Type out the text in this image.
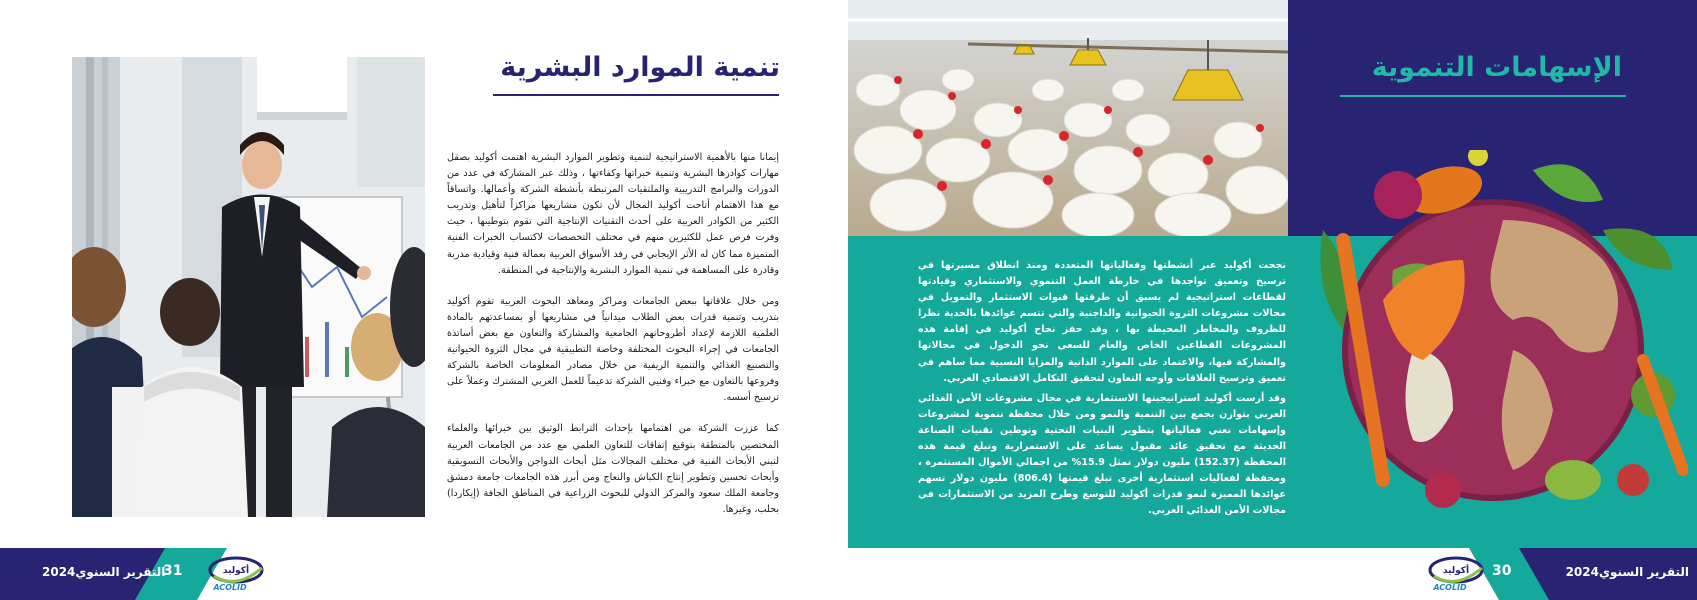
تنمية الموارد البشرية

إيمانا منها بالأهمية الاستراتيجية لتنمية وتطوير الموارد البشرية اهتمت أكوليد بصقل مهارات كوادرها البشرية وتنمية خبراتها وكفاءتها ، وذلك عبر المشاركة في عدد من الدورات والبرامج التدريبية والملتقيات المرتبطة بأنشطة الشركة وأعمالها. واتساقاً مع هذا الاهتمام أتاحت أكوليد المجال لأن تكون مشاريعها مراكزاً لتأهيل وتدريب الكثير من الكوادر العربية على أحدث التقنيات الإنتاجية التي تقوم بتوطينها ، حيث وفرت فرص عمل للكثيرين منهم في مختلف التخصصات لاكتساب الخبرات الفنية المتميزة مما كان له الأثر الإيجابي في رفد الأسواق العربية بعمالة فنية وقيادية مدربة وقادرة على المساهمة في تنمية الموارد البشرية والإنتاجية في المنطقة.

ومن خلال علاقاتها ببعض الجامعات ومراكز ومعاهد البحوث العربية تقوم أكوليد بتدريب وتنمية قدرات بعض الطلاب ميدانياً في مشاريعها أو بمساعدتهم بالمادة العلمية اللازمة لإعداد أطروحاتهم الجامعية والمشاركة والتعاون مع بعض أساتذة الجامعات في إجراء البحوث المختلفة وخاصة التطبيقية في مجال الثروة الحيوانية والتصنيع الغذائي والتنمية الريفية من خلال مصادر المعلومات الخاصة بالشركة وفروعها بالتعاون مع خبراء وفنيي الشركة تدعيماً للعمل العربي المشترك وعملاً على ترسيخ أسسه.

كما عززت الشركة من اهتمامها بإحداث الترابط الوثيق بين خبرائها والعلماء المختصين بالمنطقة بتوقيع إتفاقات للتعاون العلمي مع عدد من الجامعات العربية لتبني الأبحاث الفنية في مختلف المجالات مثل أبحاث الدواجن والأبحاث التسويقية وأبحاث تحسين وتطوير إنتاج الكباش والنعاج ومن أبرز هذه الجامعات جامعة دمشق وجامعة الملك سعود والمركز الدولي للبحوث الزراعية في المناطق الجافة (إيكاردا) بحلب، وغيرها.

التقرير السنوي2024
31	أكوليد
ACOLID
الإسهامات التنموية

نجحت أكوليد عبر أنشطتها وفعالياتها المتعددة ومنذ انطلاق مسيرتها في ترسيخ وتعميق تواجدها في خارطة العمل التنموي والاستثماري وقيادتها لقطاعات استراتيجية لم يسبق أن طرقتها قنوات الاستثمار والتمويل في مجالات مشروعات الثروة الحيوانية والداجنية والتي تتسم عوائدها بالحدية نظرا للظروف والمخاطر المحيطة بها ، وقد حفز نجاح أكوليد في إقامة هذه المشروعات القطاعين الخاص والعام للسعي نحو الدخول في مجالاتها والمشاركة فيها، والاعتماد على الموارد الذاتية والمزايا النسبية مما ساهم في تعميق وترسيخ العلاقات وأوجه التعاون لتحقيق التكامل الاقتصادي العربي.

وقد أرست أكوليد استراتيجيتها الاستثمارية في مجال مشروعات الأمن الغذائي العربي بتوازن يجمع بين التنمية والنمو ومن خلال محفظة تنموية لمشروعات وإسهامات تعني فعالياتها بتطوير البنيات التحتية وتوطين تقنيات الصناعة الحديثة مع تحقيق عائد مقبول يساعد على الاستمرارية وتبلغ قيمة هذه المحفظة (152.37) مليون دولار تمثل 15.9% من اجمالي الأموال المستثمرة ، ومحفظة لفعاليات استثمارية أخرى تبلغ قيمتها (806.4) مليون دولار تسهم عوائدها المميزة لنمو قدرات أكوليد للتوسع وطرح المزيد من الاستثمارات في مجالات الأمن الغذائي العربي.

30	التقرير السنوي2024
أكوليد
ACOLID
